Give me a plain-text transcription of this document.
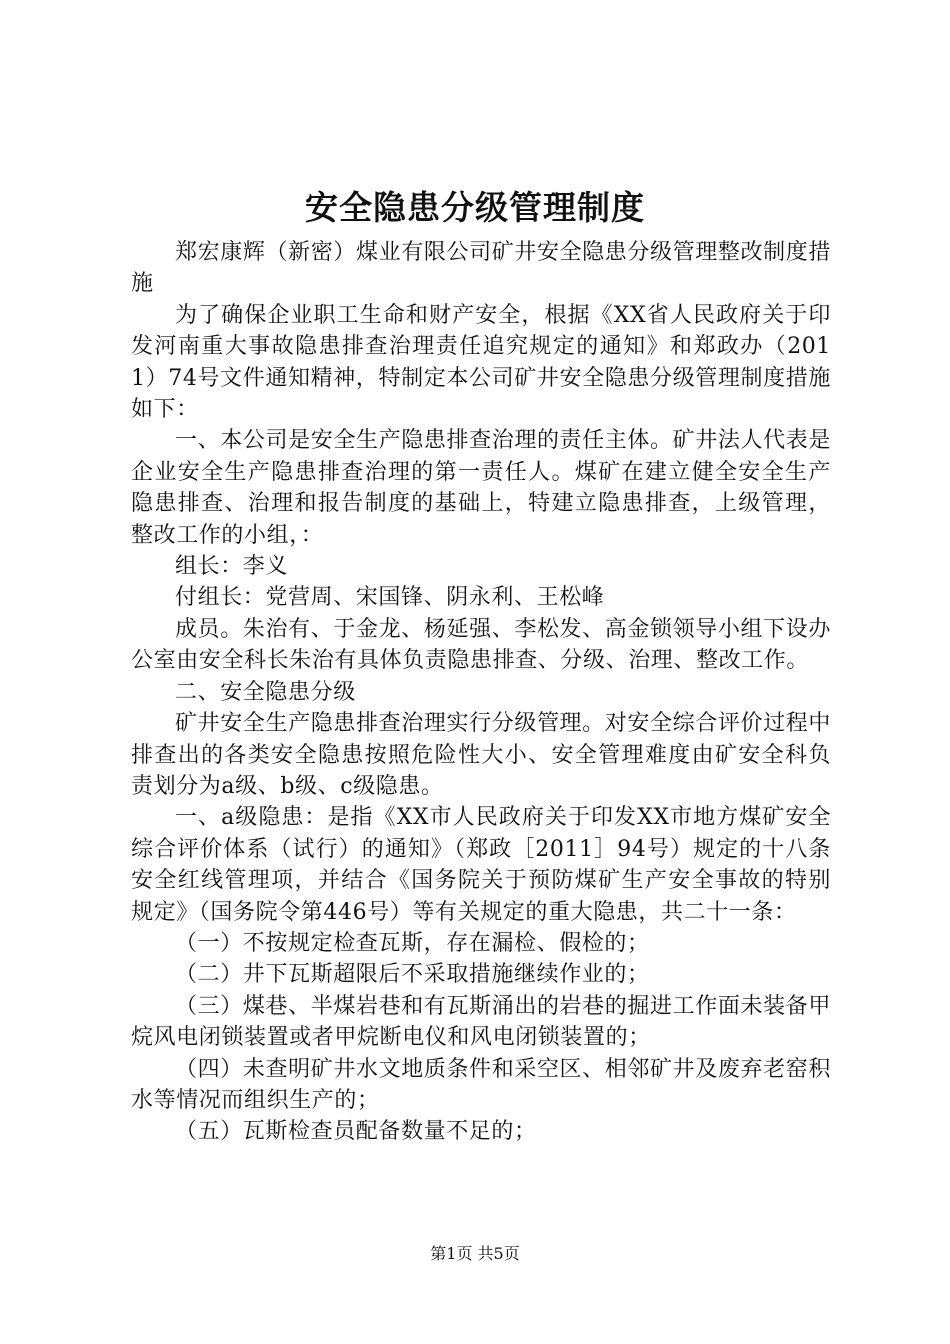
安全隐患分级管理制度

郑宏康辉（新密）煤业有限公司矿井安全隐患分级管理整改制度措施

为了确保企业职工生命和财产安全，根据《XX省人民政府关于印发河南重大事故隐患排查治理责任追究规定的通知》和郑政办（2011）74号文件通知精神，特制定本公司矿井安全隐患分级管理制度措施如下：

一、本公司是安全生产隐患排查治理的责任主体。矿井法人代表是企业安全生产隐患排查治理的第一责任人。煤矿在建立健全安全生产隐患排查、治理和报告制度的基础上，特建立隐患排查，上级管理，整改工作的小组，：

组长：李义

付组长：党营周、宋国锋、阴永利、王松峰

成员。朱治有、于金龙、杨延强、李松发、高金锁领导小组下设办公室由安全科长朱治有具体负责隐患排查、分级、治理、整改工作。

二、安全隐患分级

矿井安全生产隐患排查治理实行分级管理。对安全综合评价过程中排查出的各类安全隐患按照危险性大小、安全管理难度由矿安全科负责划分为a级、b级、c级隐患。

一、a级隐患：是指《XX市人民政府关于印发XX市地方煤矿安全综合评价体系（试行）的通知》（郑政［2011］94号）规定的十八条安全红线管理项，并结合《国务院关于预防煤矿生产安全事故的特别规定》（国务院令第446号）等有关规定的重大隐患，共二十一条：

（一）不按规定检查瓦斯，存在漏检、假检的；

（二）井下瓦斯超限后不采取措施继续作业的；

（三）煤巷、半煤岩巷和有瓦斯涌出的岩巷的掘进工作面未装备甲烷风电闭锁装置或者甲烷断电仪和风电闭锁装置的；

（四）未查明矿井水文地质条件和采空区、相邻矿井及废弃老窑积水等情况而组织生产的；

（五）瓦斯检查员配备数量不足的；

第1页 共5页
